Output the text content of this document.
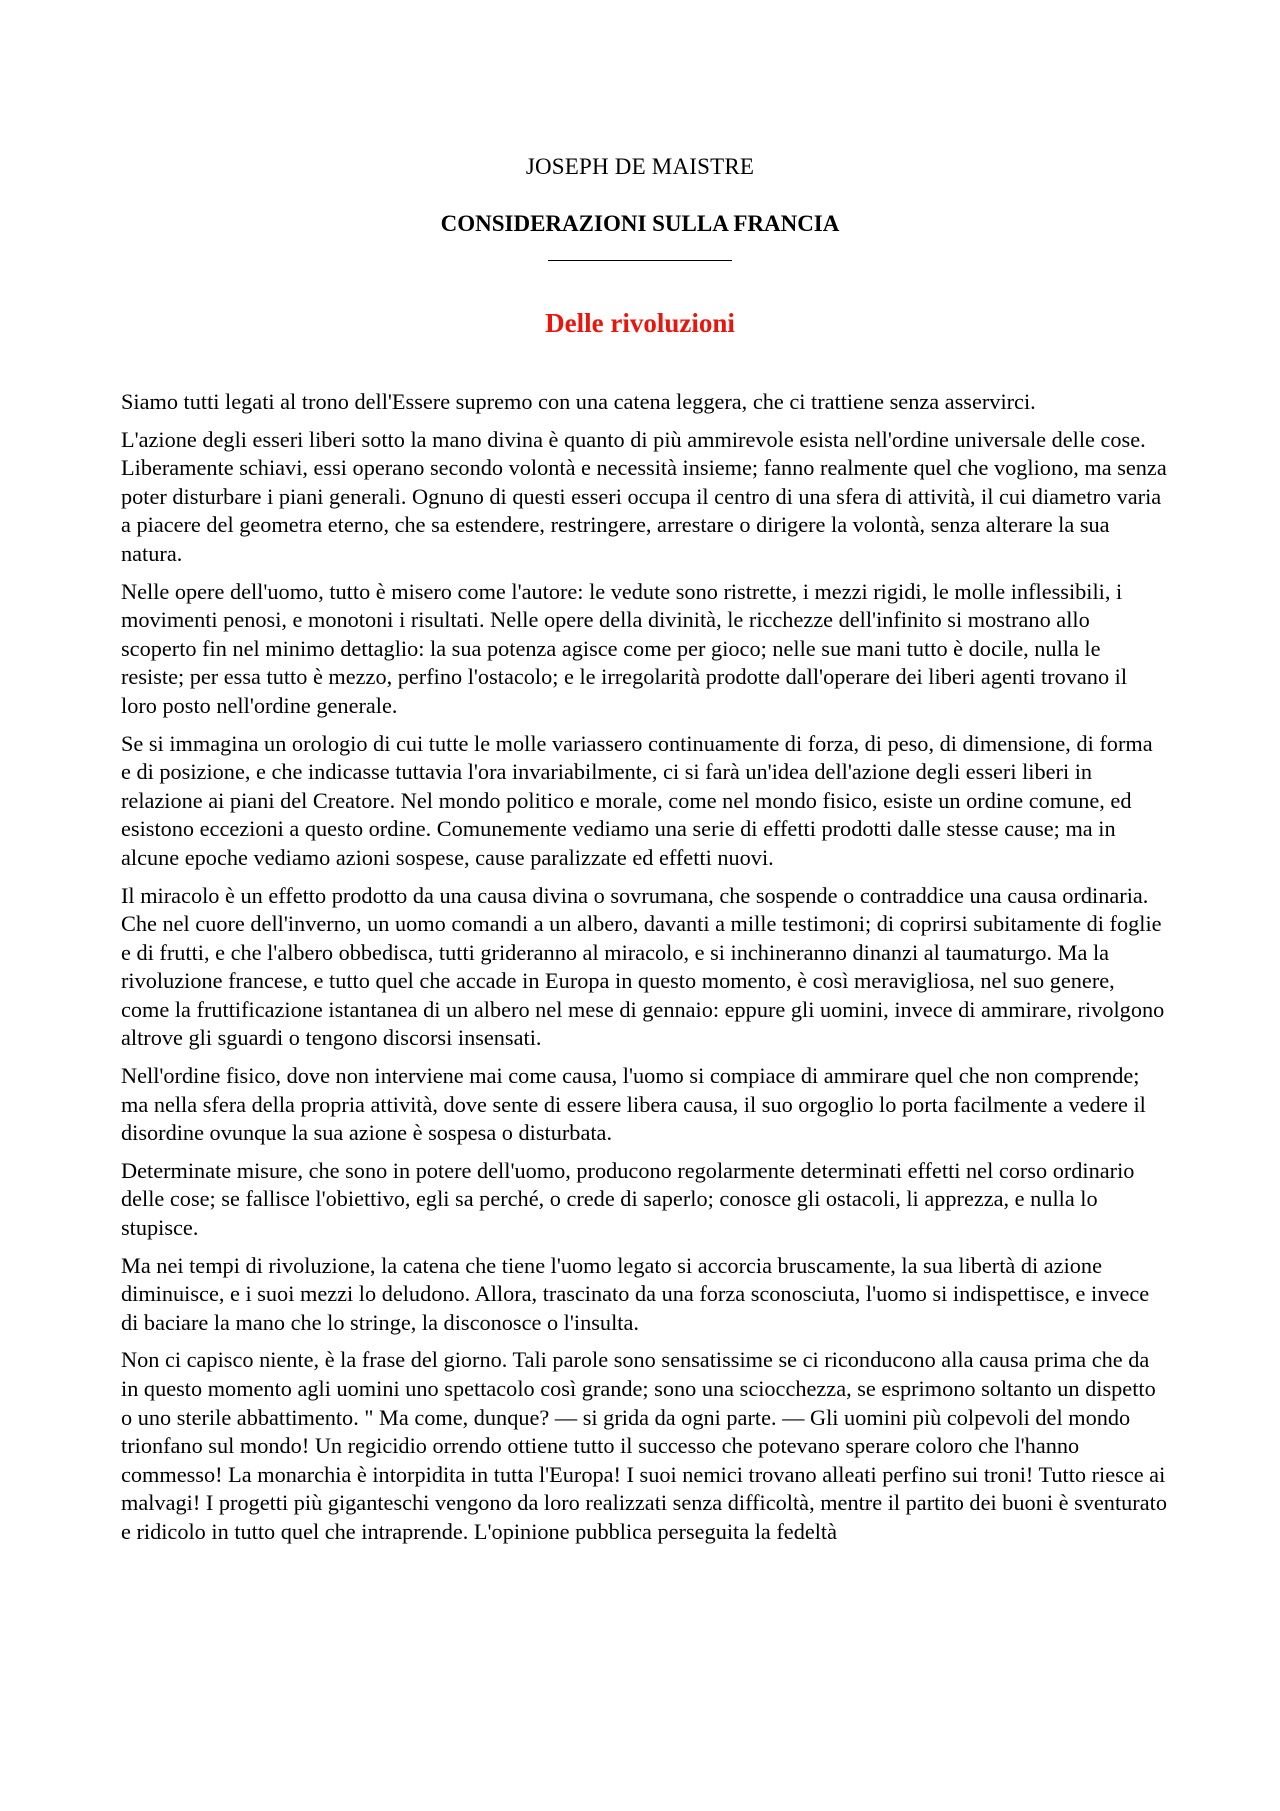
JOSEPH DE MAISTRE
CONSIDERAZIONI SULLA FRANCIA
Delle rivoluzioni

Siamo tutti legati al trono dell'Essere supremo con una catena leggera, che ci trattiene senza asservirci.

L'azione degli esseri liberi sotto la mano divina è quanto di più ammirevole esista nell'ordine universale delle cose. Liberamente schiavi, essi operano secondo volontà e necessità insieme; fanno realmente quel che vogliono, ma senza poter disturbare i piani generali. Ognuno di questi esseri occupa il centro di una sfera di attività, il cui diametro varia a piacere del geometra eterno, che sa estendere, restringere, arrestare o dirigere la volontà, senza alterare la sua natura.

Nelle opere dell'uomo, tutto è misero come l'autore: le vedute sono ristrette, i mezzi rigidi, le molle inflessibili, i movimenti penosi, e monotoni i risultati. Nelle opere della divinità, le ricchezze dell'infinito si mostrano allo scoperto fin nel minimo dettaglio: la sua potenza agisce come per gioco; nelle sue mani tutto è docile, nulla le resiste; per essa tutto è mezzo, perfino l'ostacolo; e le irregolarità prodotte dall'operare dei liberi agenti trovano il loro posto nell'ordine generale.

Se si immagina un orologio di cui tutte le molle variassero continuamente di forza, di peso, di dimensione, di forma e di posizione, e che indicasse tuttavia l'ora invariabilmente, ci si farà un'idea dell'azione degli esseri liberi in relazione ai piani del Creatore. Nel mondo politico e morale, come nel mondo fisico, esiste un ordine comune, ed esistono eccezioni a questo ordine. Comunemente vediamo una serie di effetti prodotti dalle stesse cause; ma in alcune epoche vediamo azioni sospese, cause paralizzate ed effetti nuovi.

Il miracolo è un effetto prodotto da una causa divina o sovrumana, che sospende o contraddice una causa ordinaria. Che nel cuore dell'inverno, un uomo comandi a un albero, davanti a mille testimoni; di coprirsi subitamente di foglie e di frutti, e che l'albero obbedisca, tutti grideranno al miracolo, e si inchineranno dinanzi al taumaturgo. Ma la rivoluzione francese, e tutto quel che accade in Europa in questo momento, è così meravigliosa, nel suo genere, come la fruttificazione istantanea di un albero nel mese di gennaio: eppure gli uomini, invece di ammirare, rivolgono altrove gli sguardi o tengono discorsi insensati.

Nell'ordine fisico, dove non interviene mai come causa, l'uomo si compiace di ammirare quel che non comprende; ma nella sfera della propria attività, dove sente di essere libera causa, il suo orgoglio lo porta facilmente a vedere il disordine ovunque la sua azione è sospesa o disturbata.

Determinate misure, che sono in potere dell'uomo, producono regolarmente determinati effetti nel corso ordinario delle cose; se fallisce l'obiettivo, egli sa perché, o crede di saperlo; conosce gli ostacoli, li apprezza, e nulla lo stupisce.

Ma nei tempi di rivoluzione, la catena che tiene l'uomo legato si accorcia bruscamente, la sua libertà di azione diminuisce, e i suoi mezzi lo deludono. Allora, trascinato da una forza sconosciuta, l'uomo si indispettisce, e invece di baciare la mano che lo stringe, la disconosce o l'insulta.

Non ci capisco niente, è la frase del giorno. Tali parole sono sensatissime se ci riconducono alla causa prima che da in questo momento agli uomini uno spettacolo così grande; sono una sciocchezza, se esprimono soltanto un dispetto o uno sterile abbattimento. " Ma come, dunque? — si grida da ogni parte. — Gli uomini più colpevoli del mondo trionfano sul mondo! Un regicidio orrendo ottiene tutto il successo che potevano sperare coloro che l'hanno commesso! La monarchia è intorpidita in tutta l'Europa! I suoi nemici trovano alleati perfino sui troni! Tutto riesce ai malvagi! I progetti più giganteschi vengono da loro realizzati senza difficoltà, mentre il partito dei buoni è sventurato e ridicolo in tutto quel che intraprende. L'opinione pubblica perseguita la fedeltà
